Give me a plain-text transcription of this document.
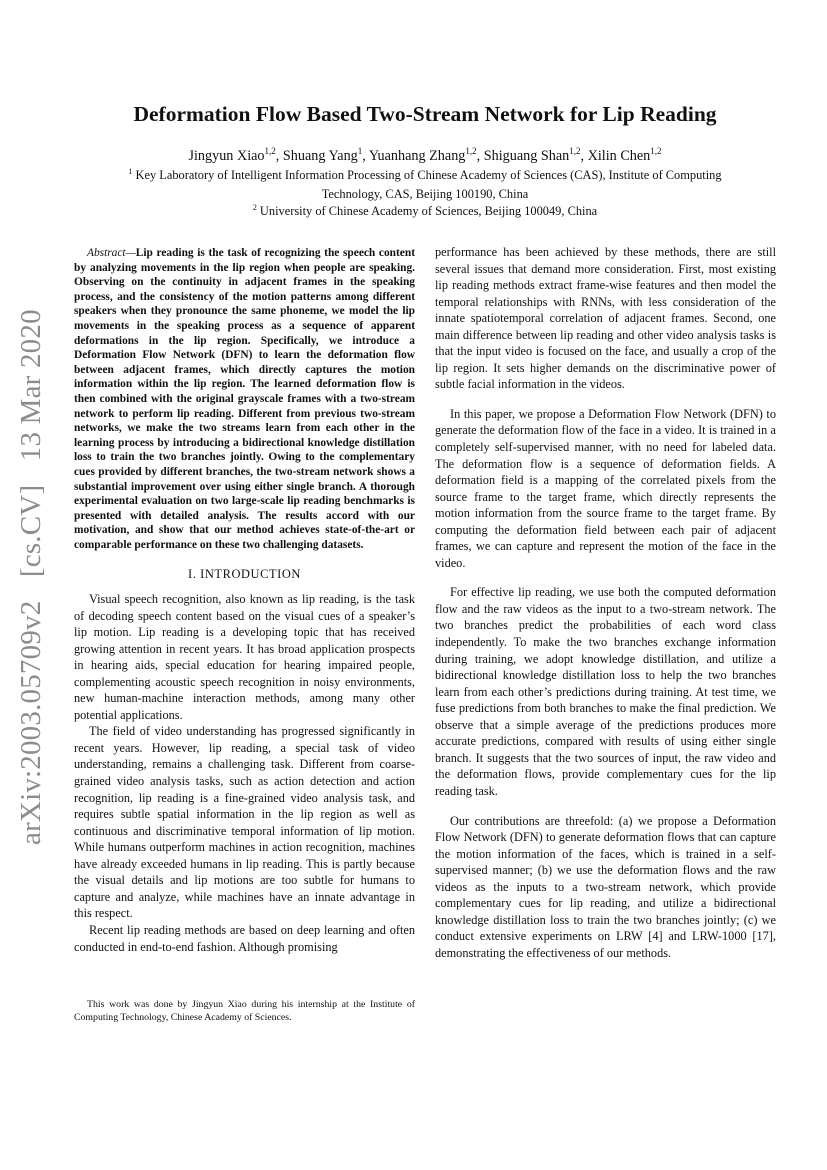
arXiv:2003.05709v2 [cs.CV] 13 Mar 2020
Deformation Flow Based Two-Stream Network for Lip Reading
Jingyun Xiao$^{1,2}$, Shuang Yang$^1$, Yuanhang Zhang$^{1,2}$, Shiguang Shan$^{1,2}$, Xilin Chen$^{1,2}$
$^1$ Key Laboratory of Intelligent Information Processing of Chinese Academy of Sciences (CAS), Institute of Computing Technology, CAS, Beijing 100190, China
$^2$ University of Chinese Academy of Sciences, Beijing 100049, China

Abstract—Lip reading is the task of recognizing the speech content by analyzing movements in the lip region when people are speaking. Observing on the continuity in adjacent frames in the speaking process, and the consistency of the motion patterns among different speakers when they pronounce the same phoneme, we model the lip movements in the speaking process as a sequence of apparent deformations in the lip region. Specifically, we introduce a Deformation Flow Network (DFN) to learn the deformation flow between adjacent frames, which directly captures the motion information within the lip region. The learned deformation flow is then combined with the original grayscale frames with a two-stream network to perform lip reading. Different from previous two-stream networks, we make the two streams learn from each other in the learning process by introducing a bidirectional knowledge distillation loss to train the two branches jointly. Owing to the complementary cues provided by different branches, the two-stream network shows a substantial improvement over using either single branch. A thorough experimental evaluation on two large-scale lip reading benchmarks is presented with detailed analysis. The results accord with our motivation, and show that our method achieves state-of-the-art or comparable performance on these two challenging datasets.

I. INTRODUCTION

Visual speech recognition, also known as lip reading, is the task of decoding speech content based on the visual cues of a speaker’s lip motion. Lip reading is a developing topic that has received growing attention in recent years. It has broad application prospects in hearing aids, special education for hearing impaired people, complementing acoustic speech recognition in noisy environments, new human-machine interaction methods, among many other potential applications.

The field of video understanding has progressed significantly in recent years. However, lip reading, a special task of video understanding, remains a challenging task. Different from coarse-grained video analysis tasks, such as action detection and action recognition, lip reading is a fine-grained video analysis task, and requires subtle spatial information in the lip region as well as continuous and discriminative temporal information of lip motion. While humans outperform machines in action recognition, machines have already exceeded humans in lip reading. This is partly because the visual details and lip motions are too subtle for humans to capture and analyze, while machines have an innate advantage in this respect.

Recent lip reading methods are based on deep learning and often conducted in end-to-end fashion. Although promising

This work was done by Jingyun Xiao during his internship at the Institute of Computing Technology, Chinese Academy of Sciences.

performance has been achieved by these methods, there are still several issues that demand more consideration. First, most existing lip reading methods extract frame-wise features and then model the temporal relationships with RNNs, with less consideration of the innate spatiotemporal correlation of adjacent frames. Second, one main difference between lip reading and other video analysis tasks is that the input video is focused on the face, and usually a crop of the lip region. It sets higher demands on the discriminative power of subtle facial information in the videos.

In this paper, we propose a Deformation Flow Network (DFN) to generate the deformation flow of the face in a video. It is trained in a completely self-supervised manner, with no need for labeled data. The deformation flow is a sequence of deformation fields. A deformation field is a mapping of the correlated pixels from the source frame to the target frame, which directly represents the motion information from the source frame to the target frame. By computing the deformation field between each pair of adjacent frames, we can capture and represent the motion of the face in the video.

For effective lip reading, we use both the computed deformation flow and the raw videos as the input to a two-stream network. The two branches predict the probabilities of each word class independently. To make the two branches exchange information during training, we adopt knowledge distillation, and utilize a bidirectional knowledge distillation loss to help the two branches learn from each other’s predictions during training. At test time, we fuse predictions from both branches to make the final prediction. We observe that a simple average of the predictions produces more accurate predictions, compared with results of using either single branch. It suggests that the two sources of input, the raw video and the deformation flows, provide complementary cues for the lip reading task.

Our contributions are threefold: (a) we propose a Deformation Flow Network (DFN) to generate deformation flows that can capture the motion information of the faces, which is trained in a self-supervised manner; (b) we use the deformation flows and the raw videos as the inputs to a two-stream network, which provide complementary cues for lip reading, and utilize a bidirectional knowledge distillation loss to train the two branches jointly; (c) we conduct extensive experiments on LRW [4] and LRW-1000 [17], demonstrating the effectiveness of our methods.
